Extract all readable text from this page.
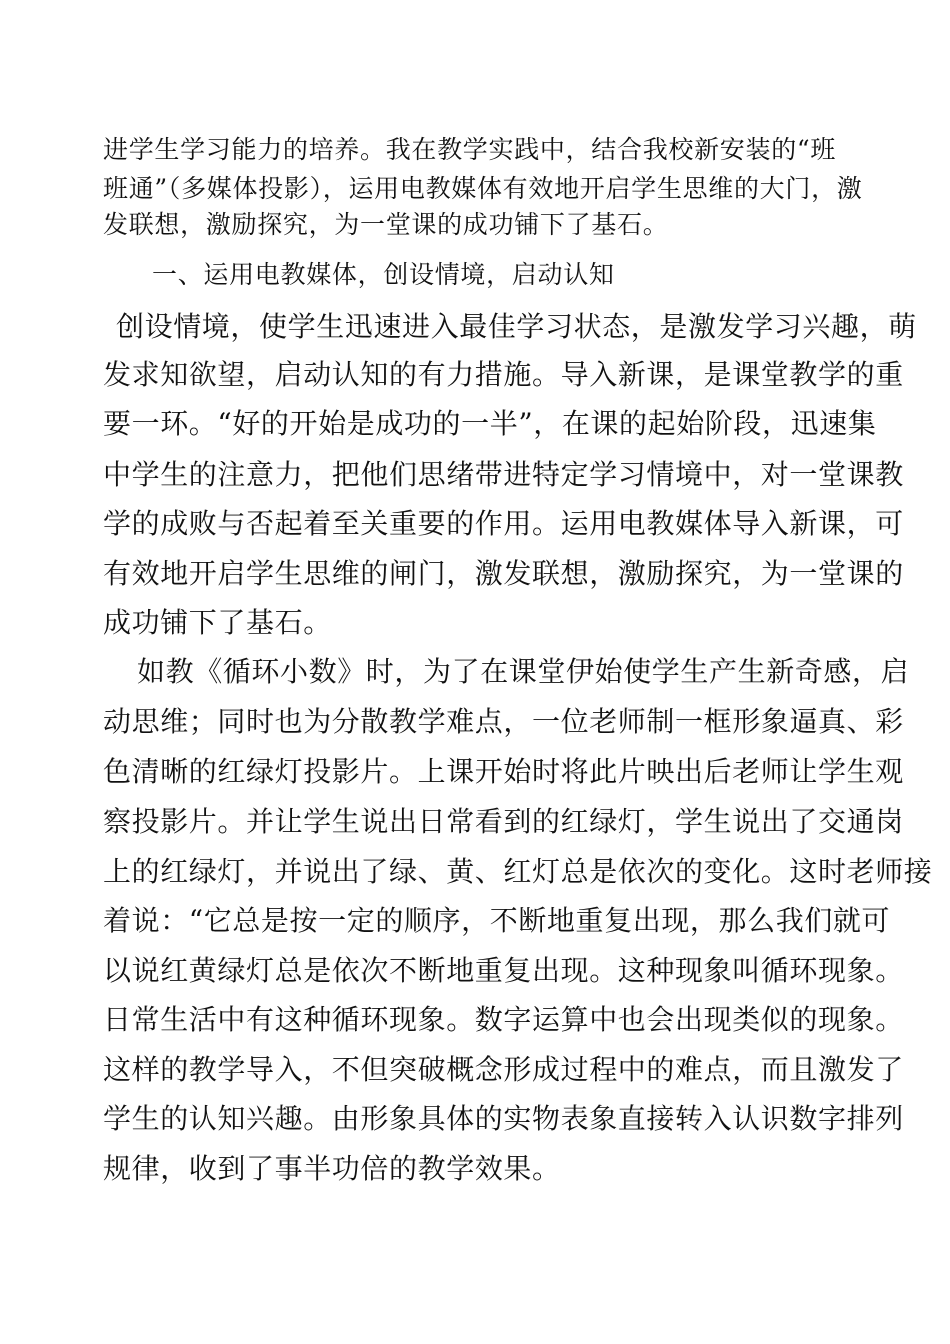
进学生学习能力的培养。我在教学实践中，结合我校新安装的“班
班通”（多媒体投影），运用电教媒体有效地开启学生思维的大门，激
发联想，激励探究，为一堂课的成功铺下了基石。
一、运用电教媒体，创设情境，启动认知
创设情境，使学生迅速进入最佳学习状态，是激发学习兴趣，萌
发求知欲望，启动认知的有力措施。导入新课，是课堂教学的重
要一环。“好的开始是成功的一半”，在课的起始阶段，迅速集
中学生的注意力，把他们思绪带进特定学习情境中，对一堂课教
学的成败与否起着至关重要的作用。运用电教媒体导入新课，可
有效地开启学生思维的闸门，激发联想，激励探究，为一堂课的
成功铺下了基石。
如教《循环小数》时，为了在课堂伊始使学生产生新奇感，启
动思维；同时也为分散教学难点，一位老师制一框形象逼真、彩
色清晰的红绿灯投影片。上课开始时将此片映出后老师让学生观
察投影片。并让学生说出日常看到的红绿灯，学生说出了交通岗
上的红绿灯，并说出了绿、黄、红灯总是依次的变化。这时老师接
着说：“它总是按一定的顺序，不断地重复出现，那么我们就可
以说红黄绿灯总是依次不断地重复出现。这种现象叫循环现象。
日常生活中有这种循环现象。数字运算中也会出现类似的现象。
这样的教学导入，不但突破概念形成过程中的难点，而且激发了
学生的认知兴趣。由形象具体的实物表象直接转入认识数字排列
规律，收到了事半功倍的教学效果。
